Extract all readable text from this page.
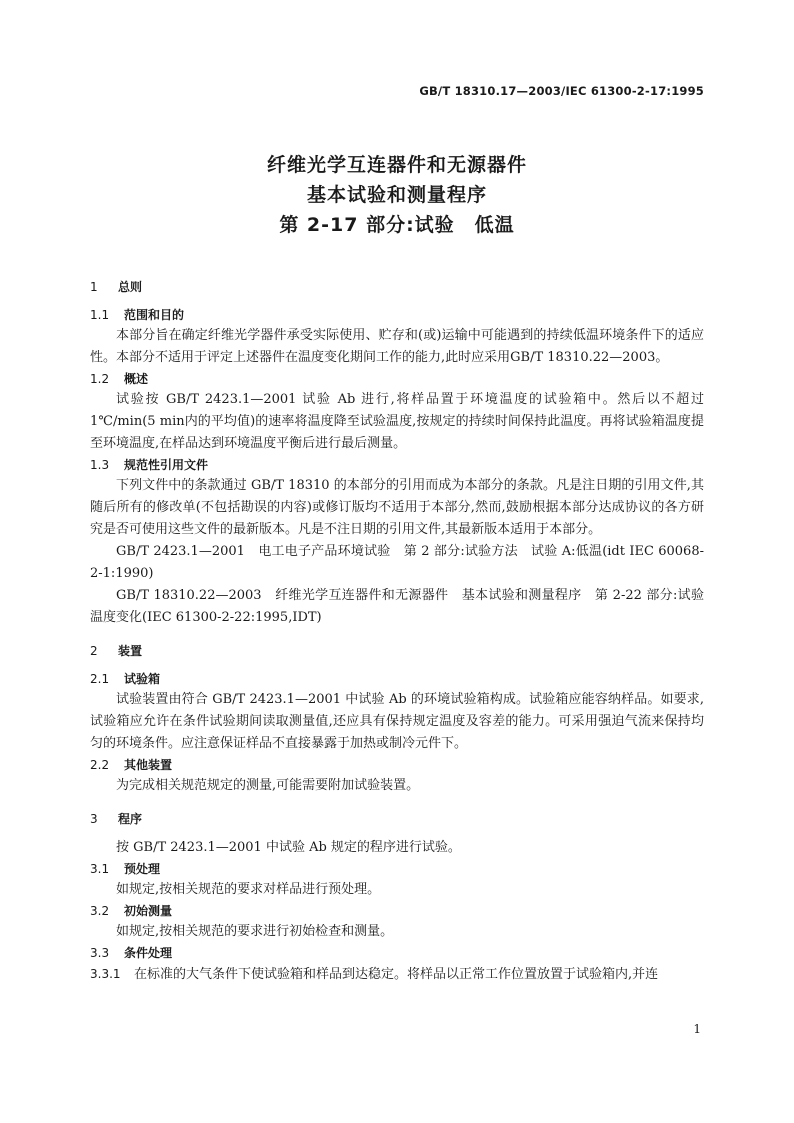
GB/T 18310.17—2003/IEC 61300-2-17:1995
纤维光学互连器件和无源器件
基本试验和测量程序
第 2-17 部分:试验　低温
1 总则
1.1 范围和目的
本部分旨在确定纤维光学器件承受实际使用、贮存和(或)运输中可能遇到的持续低温环境条件下的适应性。本部分不适用于评定上述器件在温度变化期间工作的能力,此时应采用GB/T 18310.22—2003。
1.2 概述
试验按 GB/T 2423.1—2001 试验 Ab 进行,将样品置于环境温度的试验箱中。然后以不超过1℃/min(5 min内的平均值)的速率将温度降至试验温度,按规定的持续时间保持此温度。再将试验箱温度提至环境温度,在样品达到环境温度平衡后进行最后测量。
1.3 规范性引用文件
下列文件中的条款通过 GB/T 18310 的本部分的引用而成为本部分的条款。凡是注日期的引用文件,其随后所有的修改单(不包括勘误的内容)或修订版均不适用于本部分,然而,鼓励根据本部分达成协议的各方研究是否可使用这些文件的最新版本。凡是不注日期的引用文件,其最新版本适用于本部分。
GB/T 2423.1—2001　电工电子产品环境试验　第 2 部分:试验方法　试验 A:低温(idt IEC 60068-2-1:1990)
GB/T 18310.22—2003　纤维光学互连器件和无源器件　基本试验和测量程序　第 2-22 部分:试验　温度变化(IEC 61300-2-22:1995,IDT)
2 装置
2.1 试验箱
试验装置由符合 GB/T 2423.1—2001 中试验 Ab 的环境试验箱构成。试验箱应能容纳样品。如要求,试验箱应允许在条件试验期间读取测量值,还应具有保持规定温度及容差的能力。可采用强迫气流来保持均匀的环境条件。应注意保证样品不直接暴露于加热或制冷元件下。
2.2 其他装置
为完成相关规范规定的测量,可能需要附加试验装置。
3 程序
按 GB/T 2423.1—2001 中试验 Ab 规定的程序进行试验。
3.1 预处理
如规定,按相关规范的要求对样品进行预处理。
3.2 初始测量
如规定,按相关规范的要求进行初始检查和测量。
3.3 条件处理
3.3.1 在标准的大气条件下使试验箱和样品到达稳定。将样品以正常工作位置放置于试验箱内,并连
1
